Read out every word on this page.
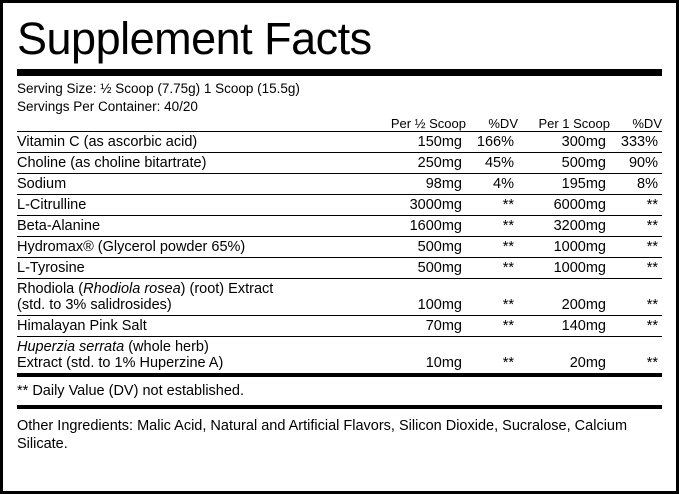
Supplement Facts
Serving Size: ½ Scoop (7.75g) 1 Scoop (15.5g)
Servings Per Container: 40/20
	Per ½ Scoop	%DV	Per 1 Scoop	%DV
Vitamin C (as ascorbic acid)	150mg	166%	300mg	333%
Choline (as choline bitartrate)	250mg	45%	500mg	90%
Sodium	98mg	4%	195mg	8%
L-Citrulline	3000mg	**	6000mg	**
Beta-Alanine	1600mg	**	3200mg	**
Hydromax® (Glycerol powder 65%)	500mg	**	1000mg	**
L-Tyrosine	500mg	**	1000mg	**
Rhodiola (Rhodiola rosea) (root) Extract
(std. to 3% salidrosides)	100mg	**	200mg	**
Himalayan Pink Salt	70mg	**	140mg	**
Huperzia serrata (whole herb)
Extract (std. to 1% Huperzine A)	10mg	**	20mg	**
** Daily Value (DV) not established.
Other Ingredients: Malic Acid, Natural and Artificial Flavors, Silicon Dioxide, Sucralose, Calcium Silicate.
